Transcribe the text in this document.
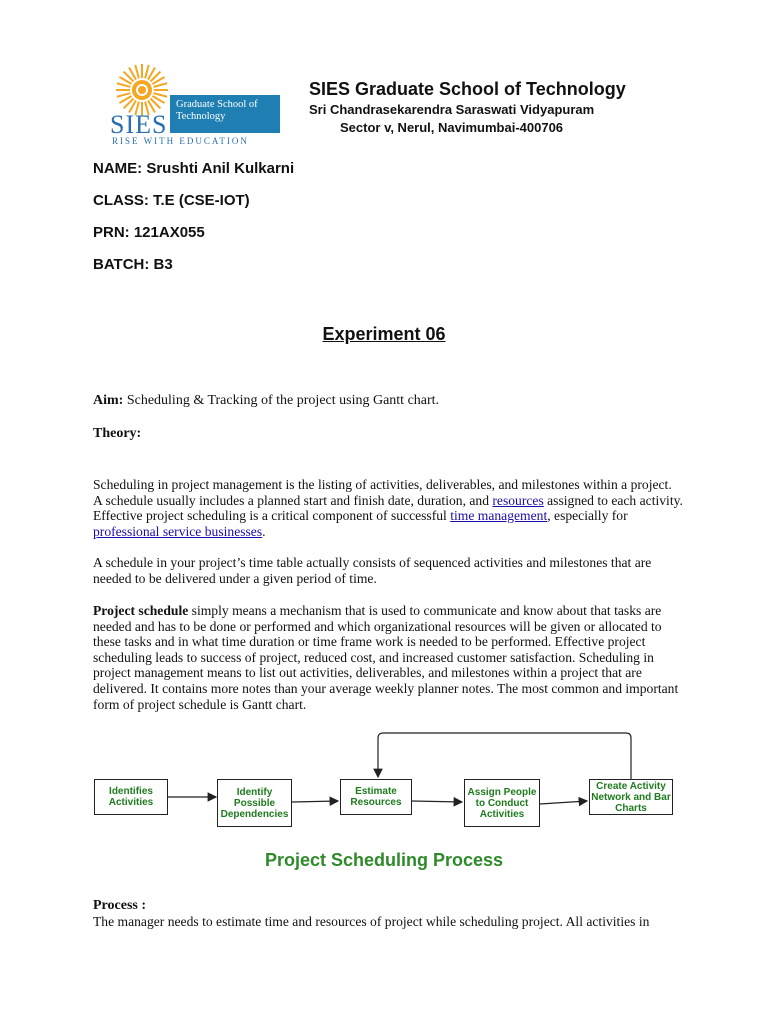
Graduate School of Technology
SIES
RISE WITH EDUCATION
SIES Graduate School of Technology
Sri Chandrasekarendra Saraswati Vidyapuram
Sector v, Nerul, Navimumbai-400706
NAME: Srushti Anil Kulkarni
CLASS: T.E (CSE-IOT)
PRN: 121AX055
BATCH: B3
Experiment 06
Aim: Scheduling & Tracking of the project using Gantt chart.
Theory:
Scheduling in project management is the listing of activities, deliverables, and milestones within a project. A schedule usually includes a planned start and finish date, duration, and resources assigned to each activity. Effective project scheduling is a critical component of successful time management, especially for professional service businesses.
A schedule in your project’s time table actually consists of sequenced activities and milestones that are needed to be delivered under a given period of time.
Project schedule simply means a mechanism that is used to communicate and know about that tasks are needed and has to be done or performed and which organizational resources will be given or allocated to these tasks and in what time duration or time frame work is needed to be performed. Effective project scheduling leads to success of project, reduced cost, and increased customer satisfaction. Scheduling in project management means to list out activities, deliverables, and milestones within a project that are delivered. It contains more notes than your average weekly planner notes. The most common and important form of project schedule is Gantt chart.
Identifies Activities
Identify Possible Dependencies
Estimate Resources
Assign People to Conduct Activities
Create Activity Network and Bar Charts
Project Scheduling Process
Process :
The manager needs to estimate time and resources of project while scheduling project. All activities in
